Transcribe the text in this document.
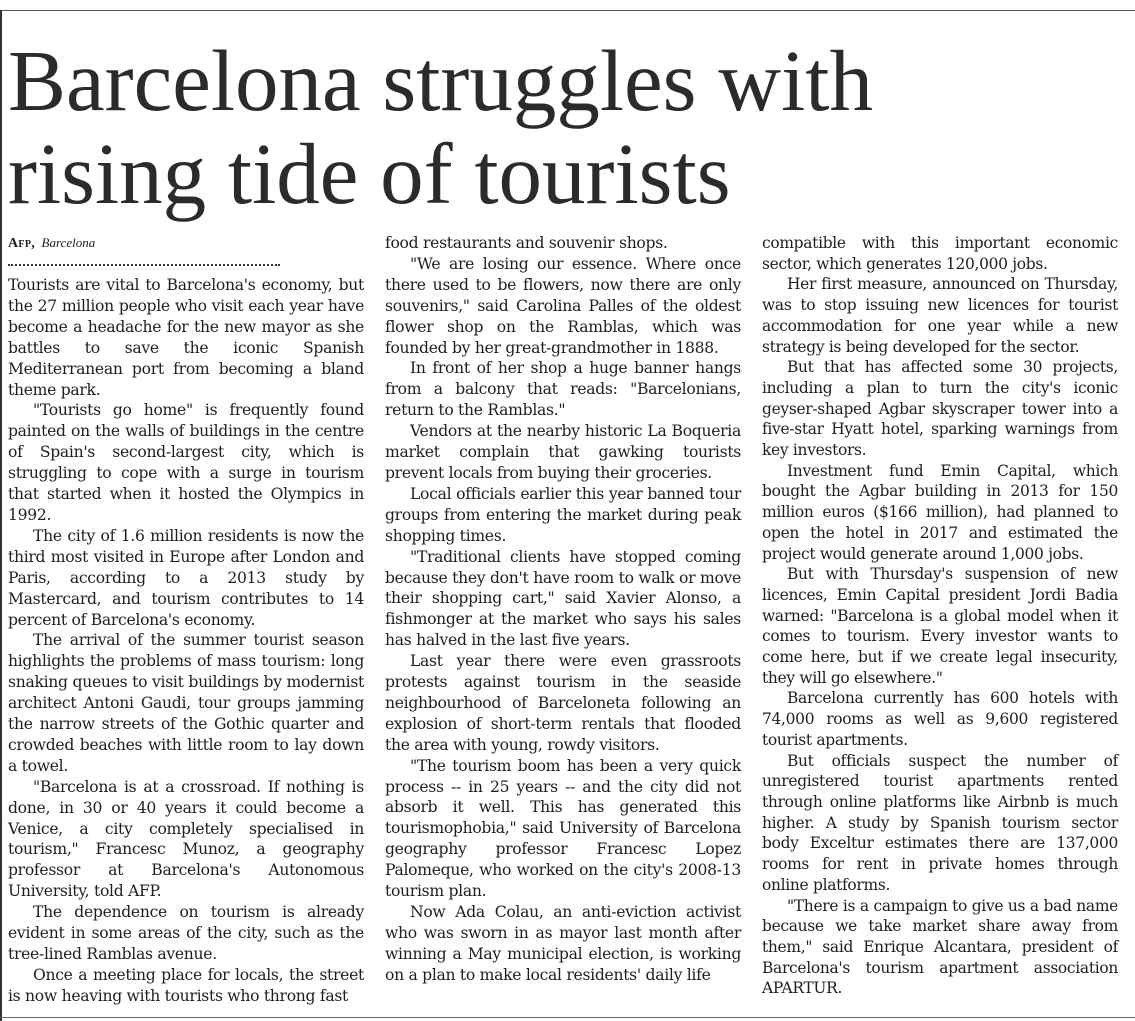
Barcelona struggles with
rising tide of tourists
Afp, Barcelona

Tourists are vital to Barcelona's economy, but the 27 million people who visit each year have become a headache for the new mayor as she battles to save the iconic Spanish Mediterranean port from becoming a bland theme park.

"Tourists go home" is frequently found painted on the walls of buildings in the centre of Spain's second-largest city, which is struggling to cope with a surge in tourism that started when it hosted the Olympics in 1992.

The city of 1.6 million residents is now the third most visited in Europe after London and Paris, according to a 2013 study by Mastercard, and tourism contributes to 14 percent of Barcelona's economy.

The arrival of the summer tourist season highlights the problems of mass tourism: long snaking queues to visit buildings by modernist architect Antoni Gaudi, tour groups jamming the narrow streets of the Gothic quarter and crowded beaches with little room to lay down a towel.

"Barcelona is at a crossroad. If nothing is done, in 30 or 40 years it could become a Venice, a city completely specialised in tourism," Francesc Munoz, a geography professor at Barcelona's Autonomous University, told AFP.

The dependence on tourism is already evident in some areas of the city, such as the tree-lined Ramblas avenue.

Once a meeting place for locals, the street is now heaving with tourists who throng fast

food restaurants and souvenir shops.

"We are losing our essence. Where once there used to be flowers, now there are only souvenirs," said Carolina Palles of the oldest flower shop on the Ramblas, which was founded by her great-grandmother in 1888.

In front of her shop a huge banner hangs from a balcony that reads: "Barcelonians, return to the Ramblas."

Vendors at the nearby historic La Boqueria market complain that gawking tourists prevent locals from buying their groceries.

Local officials earlier this year banned tour groups from entering the market during peak shopping times.

"Traditional clients have stopped coming because they don't have room to walk or move their shopping cart," said Xavier Alonso, a fishmonger at the market who says his sales has halved in the last five years.

Last year there were even grassroots protests against tourism in the seaside neighbourhood of Barceloneta following an explosion of short-term rentals that flooded the area with young, rowdy visitors.

"The tourism boom has been a very quick process -- in 25 years -- and the city did not absorb it well. This has generated this tourismophobia," said University of Barcelona geography professor Francesc Lopez Palomeque, who worked on the city's 2008-13 tourism plan.

Now Ada Colau, an anti-eviction activist who was sworn in as mayor last month after winning a May municipal election, is working on a plan to make local residents' daily life

compatible with this important economic sector, which generates 120,000 jobs.

Her first measure, announced on Thursday, was to stop issuing new licences for tourist accommodation for one year while a new strategy is being developed for the sector.

But that has affected some 30 projects, including a plan to turn the city's iconic geyser-shaped Agbar skyscraper tower into a five-star Hyatt hotel, sparking warnings from key investors.

Investment fund Emin Capital, which bought the Agbar building in 2013 for 150 million euros ($166 million), had planned to open the hotel in 2017 and estimated the project would generate around 1,000 jobs.

But with Thursday's suspension of new licences, Emin Capital president Jordi Badia warned: "Barcelona is a global model when it comes to tourism. Every investor wants to come here, but if we create legal insecurity, they will go elsewhere."

Barcelona currently has 600 hotels with 74,000 rooms as well as 9,600 registered tourist apartments.

But officials suspect the number of unregistered tourist apartments rented through online platforms like Airbnb is much higher. A study by Spanish tourism sector body Exceltur estimates there are 137,000 rooms for rent in private homes through online platforms.

"There is a campaign to give us a bad name because we take market share away from them," said Enrique Alcantara, president of Barcelona's tourism apartment association APARTUR.
